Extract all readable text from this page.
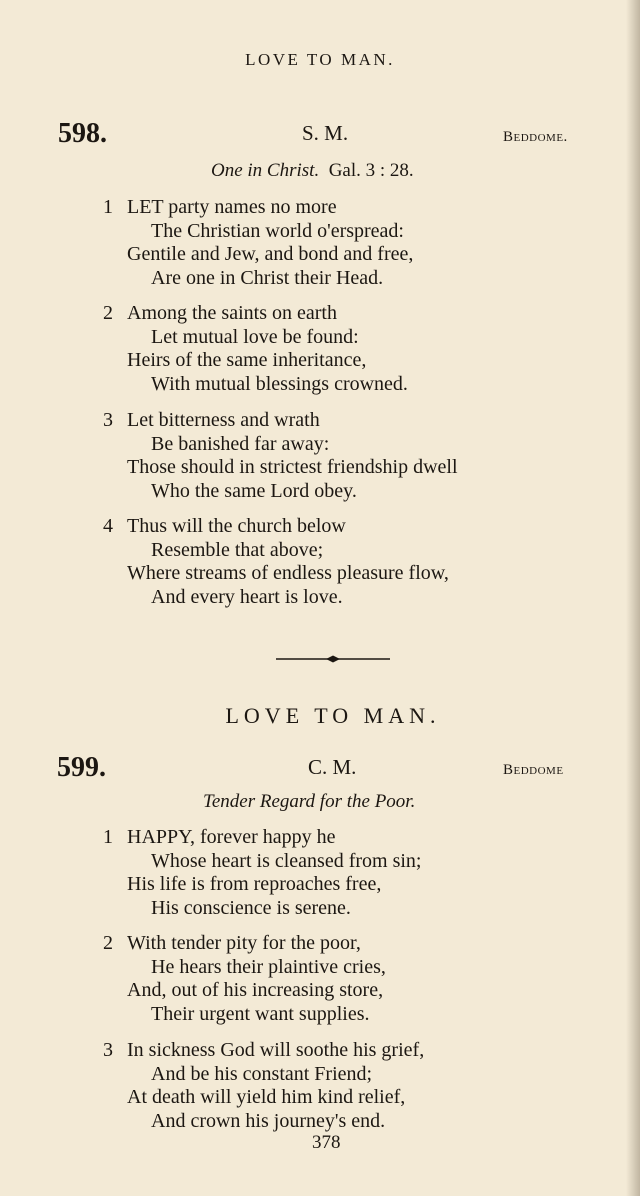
LOVE TO MAN.
598.	S. M.	Beddome.
One in Christ. Gal. 3 : 28.
1 LET party names no more
The Christian world o'erspread:
Gentile and Jew, and bond and free,
Are one in Christ their Head.
2 Among the saints on earth
Let mutual love be found:
Heirs of the same inheritance,
With mutual blessings crowned.
3 Let bitterness and wrath
Be banished far away:
Those should in strictest friendship dwell
Who the same Lord obey.
4 Thus will the church below
Resemble that above;
Where streams of endless pleasure flow,
And every heart is love.
LOVE TO MAN.
599.	C. M.	Beddome
Tender Regard for the Poor.
1 HAPPY, forever happy he
Whose heart is cleansed from sin;
His life is from reproaches free,
His conscience is serene.
2 With tender pity for the poor,
He hears their plaintive cries,
And, out of his increasing store,
Their urgent want supplies.
3 In sickness God will soothe his grief,
And be his constant Friend;
At death will yield him kind relief,
And crown his journey's end.
378
